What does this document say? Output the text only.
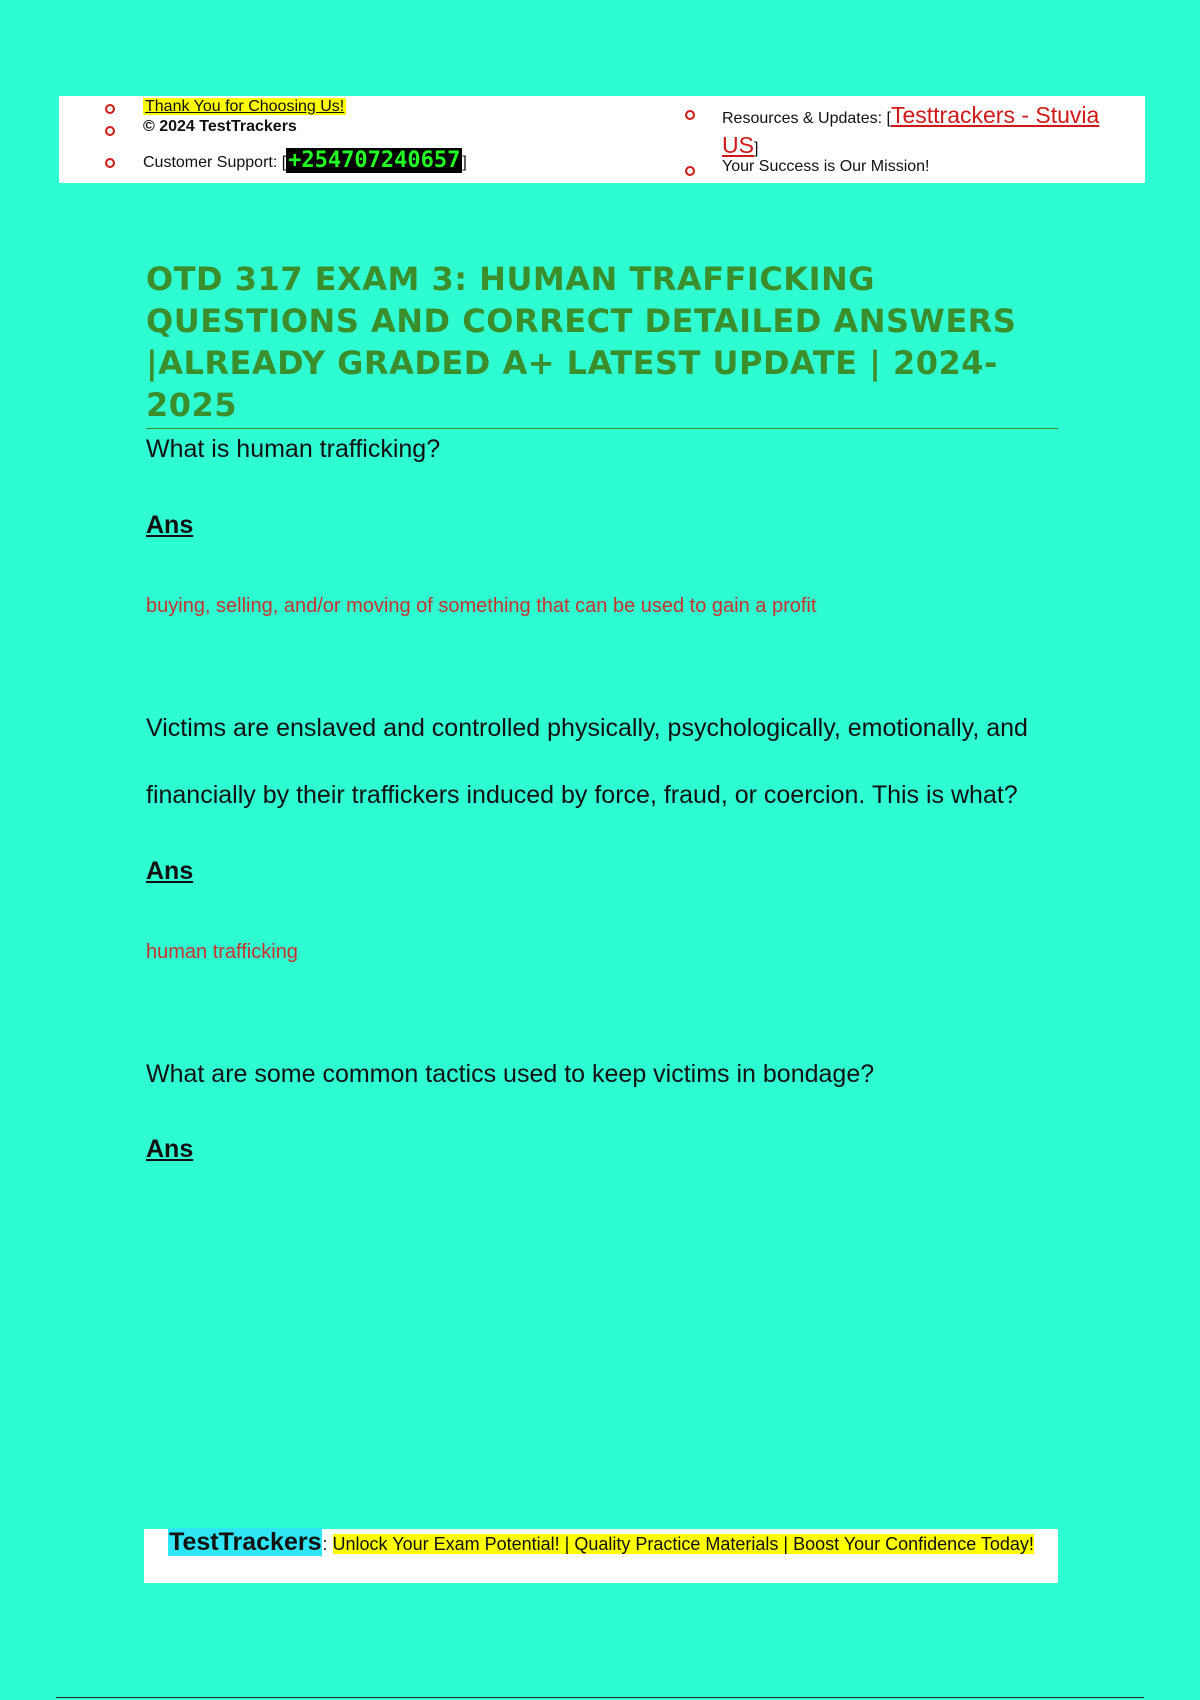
Thank You for Choosing Us!
© 2024 TestTrackers
Customer Support: [+254707240657 ]
Resources & Updates: [Testtrackers - Stuvia US]
Your Success is Our Mission!
OTD 317 EXAM 3: HUMAN TRAFFICKING QUESTIONS AND CORRECT DETAILED ANSWERS |ALREADY GRADED A+ LATEST UPDATE | 2024-2025

What is human trafficking?

Ans

buying, selling, and/or moving of something that can be used to gain a profit

Victims are enslaved and controlled physically, psychologically, emotionally, and financially by their traffickers induced by force, fraud, or coercion. This is what?

Ans

human trafficking

What are some common tactics used to keep victims in bondage?

Ans

TestTrackers: Unlock Your Exam Potential! | Quality Practice Materials | Boost Your Confidence Today!
